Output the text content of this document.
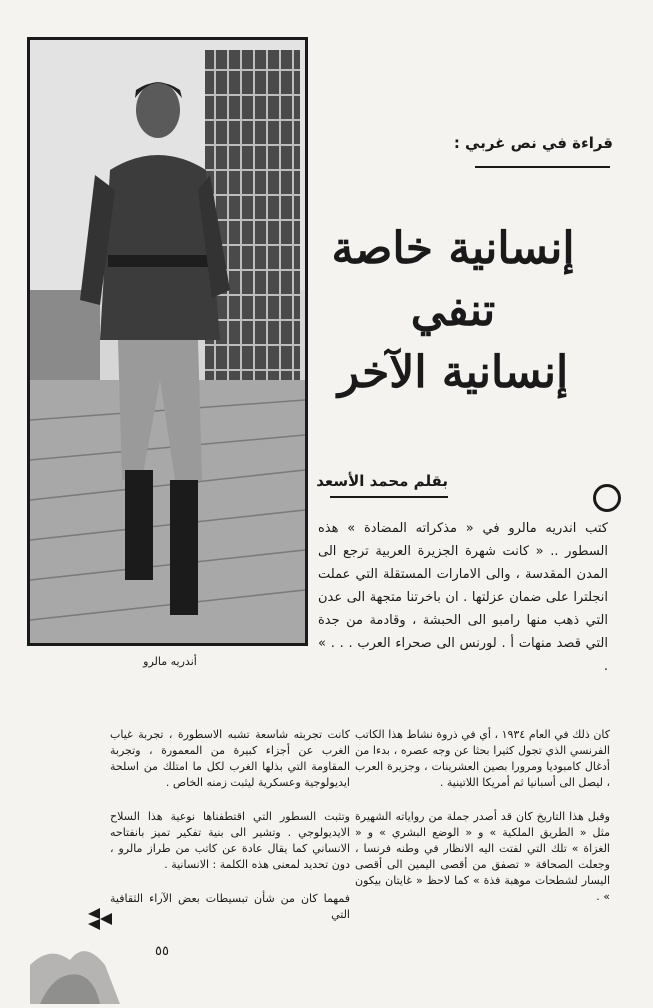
أندريه مالرو
قراءة في نص غربي :
إنسانية خاصة
تنفي
إنسانية الآخر
بقلم محمد الأسعد
كتب اندريه مالرو في « مذكراته المضادة » هذه السطور .. « كانت شهرة الجزيرة العربية ترجع الى المدن المقدسة ، والى الامارات المستقلة التي عملت انجلترا على ضمان عزلتها . ان باخرتنا متجهة الى عدن التي ذهب منها رامبو الى الحبشة ، وقادمة من جدة التي قصد منهات أ . لورنس الى صحراء العرب . . . » .

كان ذلك في العام ١٩٣٤ ، أي في ذروة نشاط هذا الكاتب الفرنسي الذي تجول كثيرا بحثا عن وجه عصره ، بدءا من أدغال كامبوديا ومرورا بصين العشرينات ، وجزيرة العرب ، ليصل الى أسبانيا ثم أمريكا اللاتينية .

وقبل هذا التاريخ كان قد أصدر جملة من رواياته الشهيرة مثل « الطريق الملكية » و « الوضع البشري » و « الغزاة » تلك التي لفتت اليه الانظار في وطنه فرنسا ، وجعلت الصحافة « تصفق من أقصى اليمين الى أقصى اليسار لشطحات موهبة فذة » كما لاحظ « غايتان بيكون » .

كانت تجربته شاسعة تشبه الاسطورة ، تجربة غياب الغرب عن أجزاء كبيرة من المعمورة ، وتجربة المقاومة التي بذلها الغرب لكل ما امتلك من اسلحة ايديولوجية وعسكرية ليثبت زمنه الخاص .

وتثبت السطور التي اقتطفناها نوعية هذا السلاح الايديولوجي . وتشير الى بنية تفكير تميز بانفتاحه الانساني كما يقال عادة عن كاتب من طراز مالرو ، دون تحديد لمعنى هذه الكلمة : الانسانية .

فمهما كان من شأن تبسيطات بعض الآراء الثقافية التي

٥٥
